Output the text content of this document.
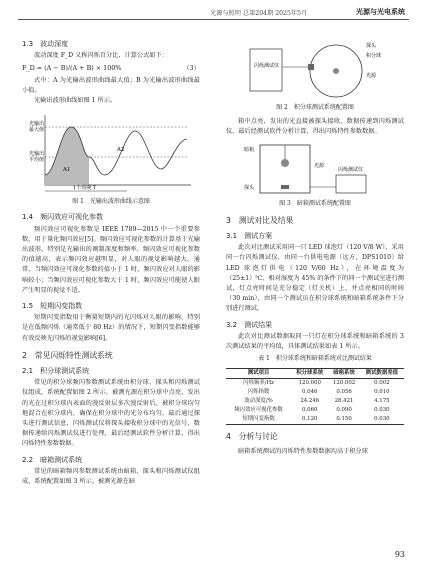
光源与照明 总第204期 2025年5月	光源与光电系统
1.3　波动深度

波动深度 F_D 又称闪烁百分比，计算公式如下：

F_D = (A − B)/(A + B) × 100%	（3）

式中：A 为光输出波形曲线最大值；B 为光输出波形曲线最小值。

光输出波形曲线如图 1 所示。

光输出
最大值
光输出
平均值
A1
A2
1个周期 T
图 1　光输出波形曲线示意图
1.4　频闪效应可视化参数

频闪效应可视化参数是 IEEE 1789—2015 中一个重要参数，用于量化频闪效应[5]。频闪效应可视化参数的计算基于光输出波形，特别是光输出的调制深度和频率。频闪效应可视化参数的值越高，表示频闪效应越明显，对人眼的视觉影响越大。通常，当频闪效应可视化参数的值小于 1 时，频闪效应对人眼的影响较小；当频闪效应可视化参数大于 1 时，频闪效应可能使人眼产生明显的视觉不适。

1.5　短期闪变指数

短期闪变指数用于衡量短期内的光闪烁对人眼的影响，特别是在低频闪烁（通常低于 80 Hz）的情况下，短期闪变指数能够有效反映光闪烁的视觉影响[6]。

2　常见闪烁特性测试系统
2.1　积分球测试系统

常见的积分球频闪参数测试系统由积分球、探头和闪烁测试仪组成，系统配置如图 2 所示。被测光源在积分球中点亮，发出的光在过积分球内表面的漫反射层多次漫反射后，被积分球均匀地混合在积分球内，确保在积分球中的光分布均匀，最后通过探头进行测试信息，闪烁测试仪将探头接收积分球中的光信号，数据传递给闪烁测试仪进行处理，最后经测试软件分析计算，得出闪烁特性参数数据。

2.2　暗箱测试系统

常见的暗箱频闪参数测试系统由暗箱、探头和闪烁测试仪组成，系统配置如图 3 所示。被测光源在暗

闪烁测试仪
探头
积分球
光源
图 2　积分球测试系统配置图

箱中点亮，发出的光直接被探头接收，数据传递到闪烁测试仪，最后经测试软件分析计算，得出闪烁特性参数数据。

暗箱
光源
探头
闪烁测试仪
图 3　暗箱测试系统配置图
3　测试对比及结果
3.1　测试方案

此次对比测试采用同一只 LED 球泡灯（120 V/8 W），采用同一台闪烁测试仪，由同一台供电电源（远方，DPS1010）给 LED 球泡灯供电（120 V/60 Hz），在环境温度为（25±1）℃、相对湿度为 45% 的条件下的同一个测试室进行测试，灯点亮时间是充分稳定（灯关机）上，并点亮相同的时间（30 min），由同一个测试员在积分球系统和暗箱系统条件下分别进行测试。

3.2　测试结果

此次对比测试数据取同一只灯在积分球系统和暗箱系统的 3 次测试结果的平均值，具体测试结果如表 1 所示。

表 1　积分球系统和暗箱系统对比测试结果
测试项目	积分球系统	暗箱系统	测试数据差值
闪烁频率/Hz	120.000	120.002	0.002
闪烁指数	0.046	0.056	0.010
波动深度/%	24.246	28.421	4.175
频闪效应可视化参数	0.060	0.090	0.030
短期闪变指数	0.120	0.150	0.030
4　分析与讨论

暗箱系统测试的闪烁特性参数数据均高于积分球

93
